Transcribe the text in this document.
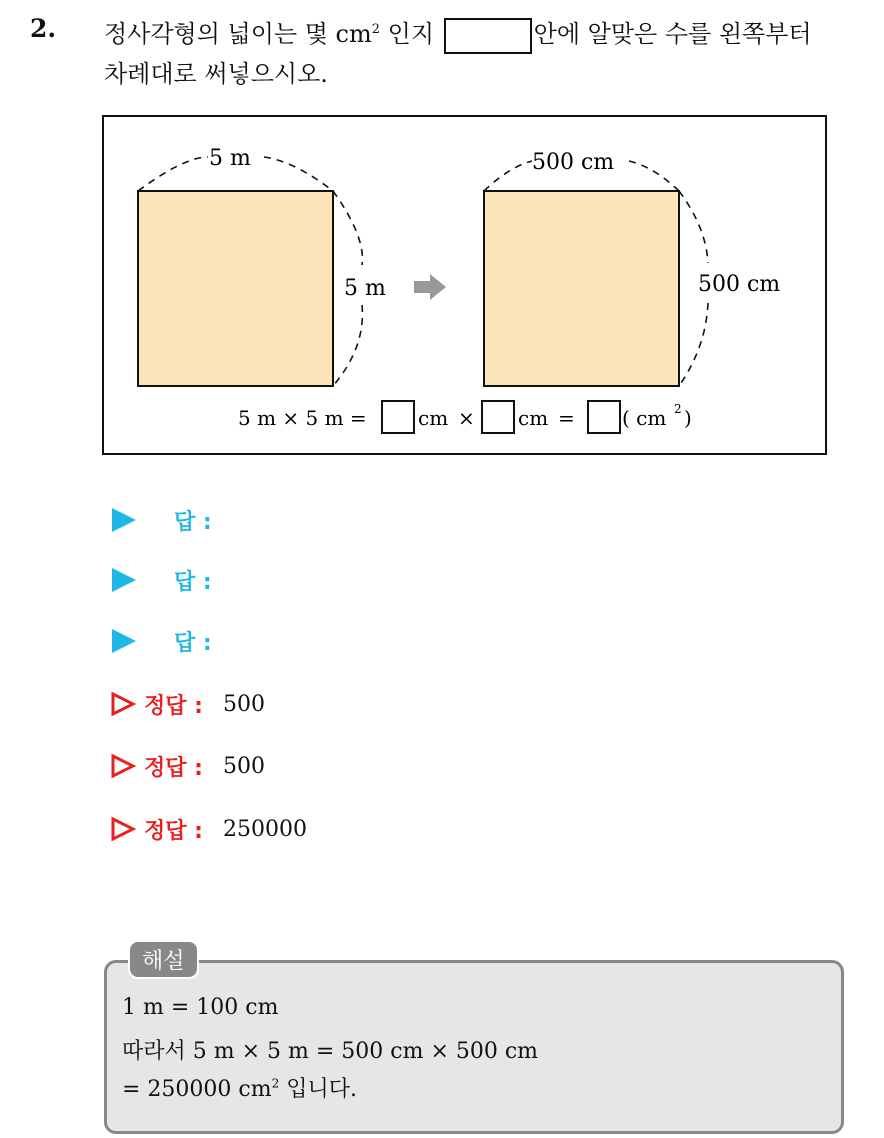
2. 정사각형의 넓이는 몇 $cm^2$ 인지	안에 알맞은 수를 왼쪽부터
차례대로 써넣으시오.
5 m
5 m
500 cm
500 cm
5 m × 5 m =	cm × cm = ( cm 2 )
답 :
답 :
답 :
정답 : 500
정답 : 500
정답 : 250000
해설
1 m = 100 cm
따라서 5 m × 5 m = 500 cm × 500 cm
= 250000 $cm^2$ 입니다.
